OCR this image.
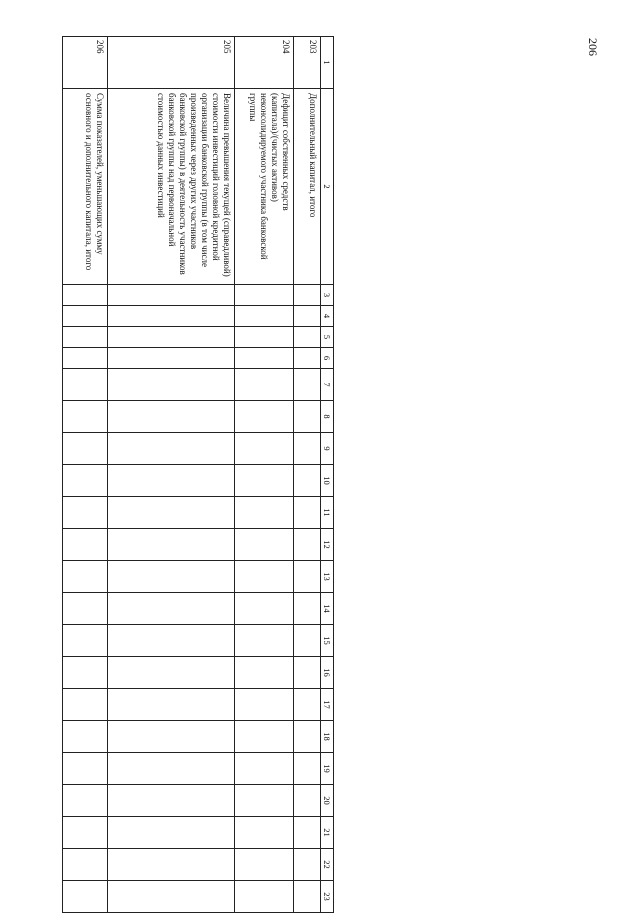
206
1	2	3	4	5	6	7	8	9	10	11	12	13	14	15	16	17	18	19	20	21	22	23
203	Дополнительный капитал, итого																					
204	Дефицит собственных средств (капитала)/(чистых активов) неконсолидируемого участника банковской группы																					
205	Величина превышения текущей (справедливой) стоимости инвестиций головной кредитной организации банковской группы (в том числе произведенных через других участников банковской группы) в деятельность участников банковской группы над первоначальной стоимостью данных инвестиций																					
206	Сумма показателей, уменьшающих сумму основного и дополнительного капитала, итого																					
